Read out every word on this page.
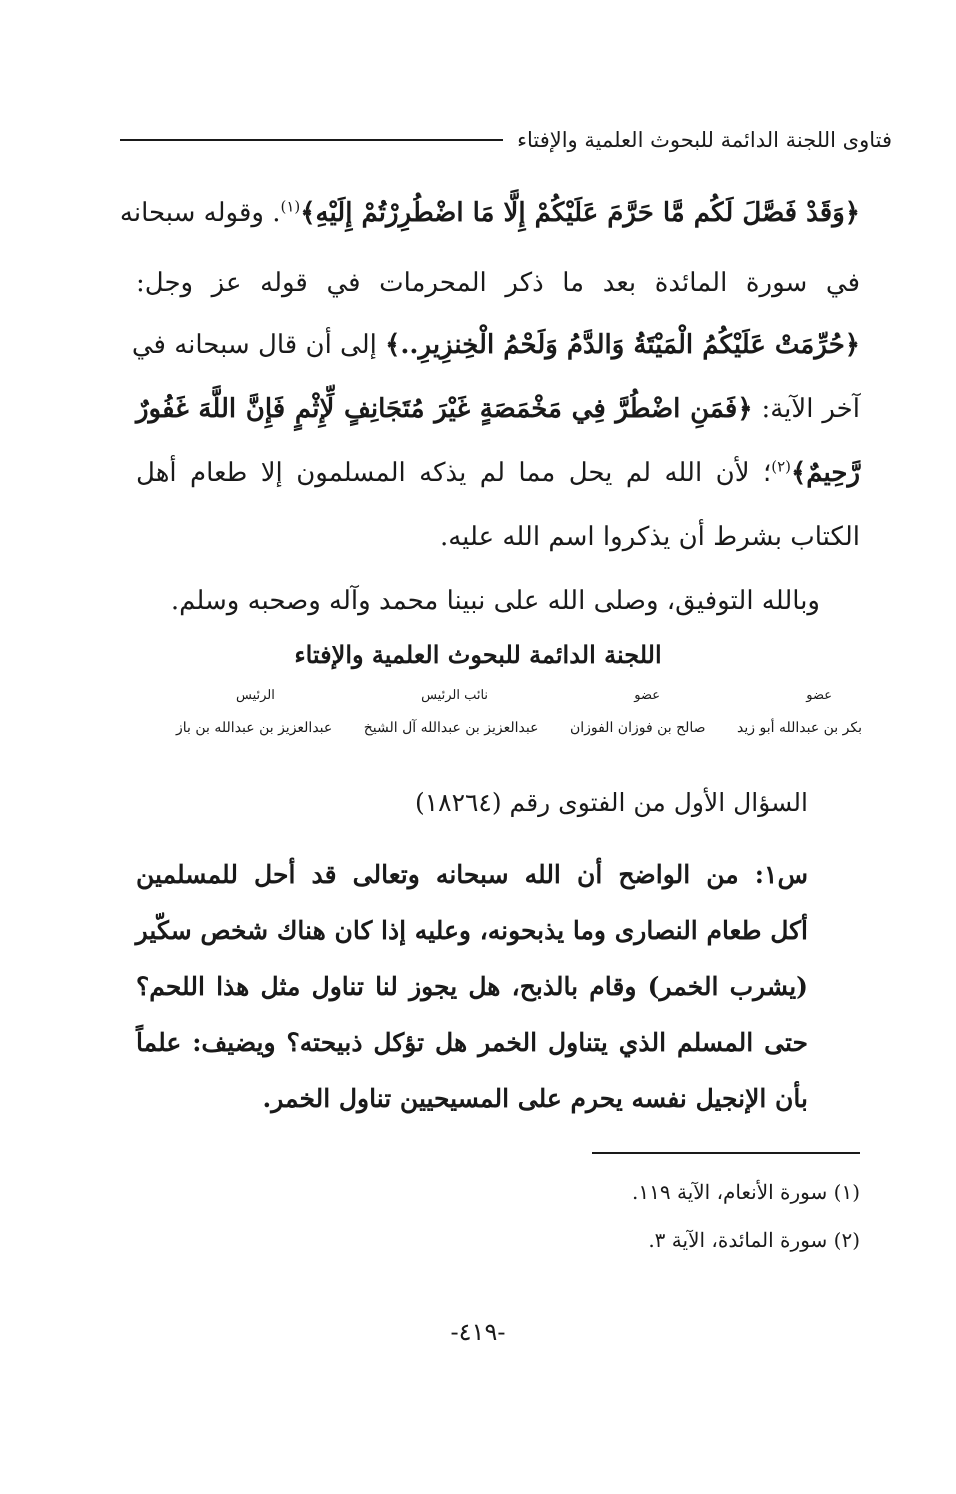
فتاوى اللجنة الدائمة للبحوث العلمية والإفتاء
﴿وَقَدْ فَصَّلَ لَكُم مَّا حَرَّمَ عَلَيْكُمْ إِلَّا مَا اضْطُرِرْتُمْ إِلَيْهِ﴾$^{(١)}$. وقوله سبحانه
في سورة المائدة بعد ما ذكر المحرمات في قوله عز وجل:
﴿حُرِّمَتْ عَلَيْكُمُ الْمَيْتَةُ وَالدَّمُ وَلَحْمُ الْخِنزِيرِ..﴾ إلى أن قال سبحانه في
آخر الآية: ﴿فَمَنِ اضْطُرَّ فِي مَخْمَصَةٍ غَيْرَ مُتَجَانِفٍ لِّإِثْمٍ فَإِنَّ اللَّهَ غَفُورٌ
رَّحِيمٌ﴾$^{(٢)}$؛ لأن الله لم يحل مما لم يذكه المسلمون إلا طعام أهل
الكتاب بشرط أن يذكروا اسم الله عليه.
وبالله التوفيق، وصلى الله على نبينا محمد وآله وصحبه وسلم.
اللجنة الدائمة للبحوث العلمية والإفتاء
عضو
عضو
نائب الرئيس
الرئيس
بكر بن عبدالله أبو زيد
صالح بن فوزان الفوزان
عبدالعزيز بن عبدالله آل الشيخ
عبدالعزيز بن عبدالله بن باز
السؤال الأول من الفتوى رقم (١٨٢٦٤)
س١: من الواضح أن الله سبحانه وتعالى قد أحل للمسلمين
أكل طعام النصارى وما يذبحونه، وعليه إذا كان هناك شخص سكّير
(يشرب الخمر) وقام بالذبح، هل يجوز لنا تناول مثل هذا اللحم؟
حتى المسلم الذي يتناول الخمر هل تؤكل ذبيحته؟ ويضيف: علماً
بأن الإنجيل نفسه يحرم على المسيحيين تناول الخمر.
(١) سورة الأنعام، الآية ١١٩.
(٢) سورة المائدة، الآية ٣.
-٤١٩-
